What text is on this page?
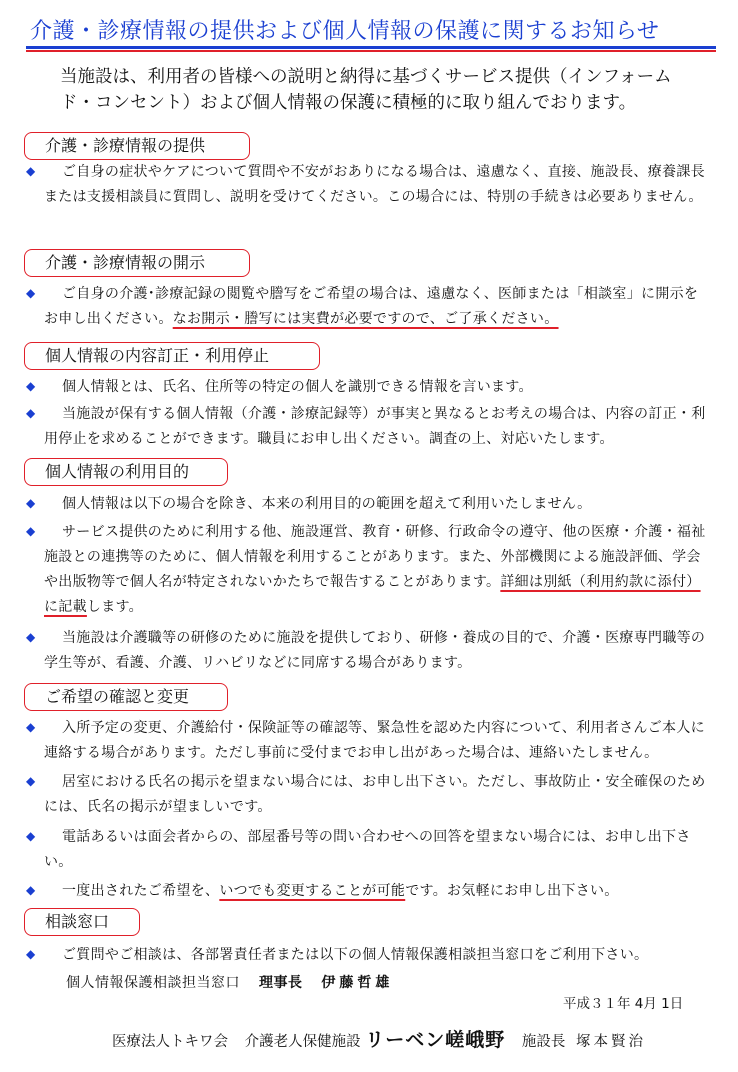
介護・診療情報の提供および個人情報の保護に関するお知らせ
当施設は、利用者の皆様への説明と納得に基づくサービス提供（インフォームド・コンセント）および個人情報の保護に積極的に取り組んでおります。
介護・診療情報の提供
◆	ご自身の症状やケアについて質問や不安がおありになる場合は、遠慮なく、直接、施設長、療養課長または支援相談員に質問し、説明を受けてください。この場合には、特別の手続きは必要ありません。
介護・診療情報の開示
◆	ご自身の介護･診療記録の閲覧や謄写をご希望の場合は、遠慮なく、医師または「相談室」に開示をお申し出ください。なお開示・謄写には実費が必要ですので、ご了承ください。
個人情報の内容訂正・利用停止
◆	個人情報とは、氏名、住所等の特定の個人を識別できる情報を言います。
◆	当施設が保有する個人情報（介護・診療記録等）が事実と異なるとお考えの場合は、内容の訂正・利用停止を求めることができます。職員にお申し出ください。調査の上、対応いたします。
個人情報の利用目的
◆	個人情報は以下の場合を除き、本来の利用目的の範囲を超えて利用いたしません。
◆	サービス提供のために利用する他、施設運営、教育・研修、行政命令の遵守、他の医療・介護・福祉施設との連携等のために、個人情報を利用することがあります。また、外部機関による施設評価、学会や出版物等で個人名が特定されないかたちで報告することがあります。詳細は別紙（利用約款に添付）に記載します。
◆	当施設は介護職等の研修のために施設を提供しており、研修・養成の目的で、介護・医療専門職等の学生等が、看護、介護、リハビリなどに同席する場合があります。
ご希望の確認と変更
◆	入所予定の変更、介護給付・保険証等の確認等、緊急性を認めた内容について、利用者さんご本人に連絡する場合があります。ただし事前に受付までお申し出があった場合は、連絡いたしません。
◆	居室における氏名の掲示を望まない場合には、お申し出下さい。ただし、事故防止・安全確保のためには、氏名の掲示が望ましいです。
◆	電話あるいは面会者からの、部屋番号等の問い合わせへの回答を望まない場合には、お申し出下さい。
◆	一度出されたご希望を、いつでも変更することが可能です。お気軽にお申し出下さい。
相談窓口
◆	ご質問やご相談は、各部署責任者または以下の個人情報保護相談担当窓口をご利用下さい。
個人情報保護相談担当窓口 理事長 伊藤哲雄
平成３１年 4月 1日
医療法人トキワ会 介護老人保健施設 リーベン嵯峨野 施設長 塚本賢治
